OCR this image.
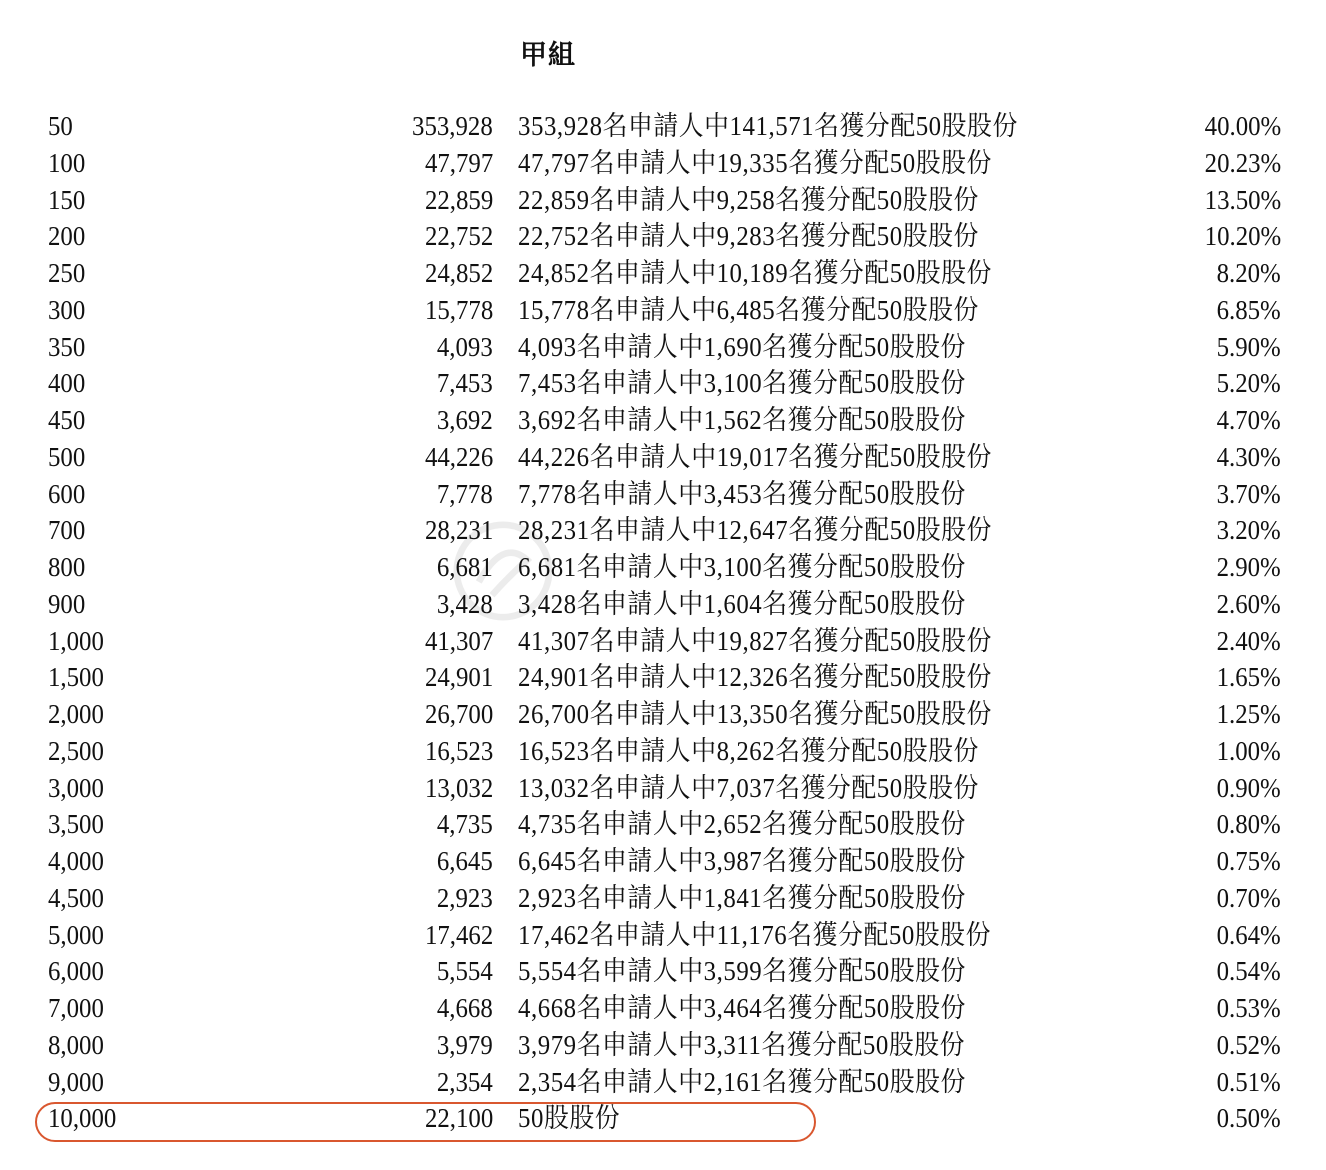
甲組
50	353,928 353,928名申請人中141,571名獲分配50股股份	40.00%
100	47,797 47,797名申請人中19,335名獲分配50股股份	20.23%
150	22,859 22,859名申請人中9,258名獲分配50股股份	13.50%
200	22,752 22,752名申請人中9,283名獲分配50股股份	10.20%
250	24,852 24,852名申請人中10,189名獲分配50股股份	8.20%
300	15,778 15,778名申請人中6,485名獲分配50股股份	6.85%
350	4,093 4,093名申請人中1,690名獲分配50股股份	5.90%
400	7,453 7,453名申請人中3,100名獲分配50股股份	5.20%
450	3,692 3,692名申請人中1,562名獲分配50股股份	4.70%
500	44,226 44,226名申請人中19,017名獲分配50股股份	4.30%
600	7,778 7,778名申請人中3,453名獲分配50股股份	3.70%
700	28,231 28,231名申請人中12,647名獲分配50股股份	3.20%
800	6,681 6,681名申請人中3,100名獲分配50股股份	2.90%
900	3,428 3,428名申請人中1,604名獲分配50股股份	2.60%
1,000	41,307 41,307名申請人中19,827名獲分配50股股份	2.40%
1,500	24,901 24,901名申請人中12,326名獲分配50股股份	1.65%
2,000	26,700 26,700名申請人中13,350名獲分配50股股份	1.25%
2,500	16,523 16,523名申請人中8,262名獲分配50股股份	1.00%
3,000	13,032 13,032名申請人中7,037名獲分配50股股份	0.90%
3,500	4,735 4,735名申請人中2,652名獲分配50股股份	0.80%
4,000	6,645 6,645名申請人中3,987名獲分配50股股份	0.75%
4,500	2,923 2,923名申請人中1,841名獲分配50股股份	0.70%
5,000	17,462 17,462名申請人中11,176名獲分配50股股份	0.64%
6,000	5,554 5,554名申請人中3,599名獲分配50股股份	0.54%
7,000	4,668 4,668名申請人中3,464名獲分配50股股份	0.53%
8,000	3,979 3,979名申請人中3,311名獲分配50股股份	0.52%
9,000	2,354 2,354名申請人中2,161名獲分配50股股份	0.51%
10,000	22,100 50股股份	0.50%
